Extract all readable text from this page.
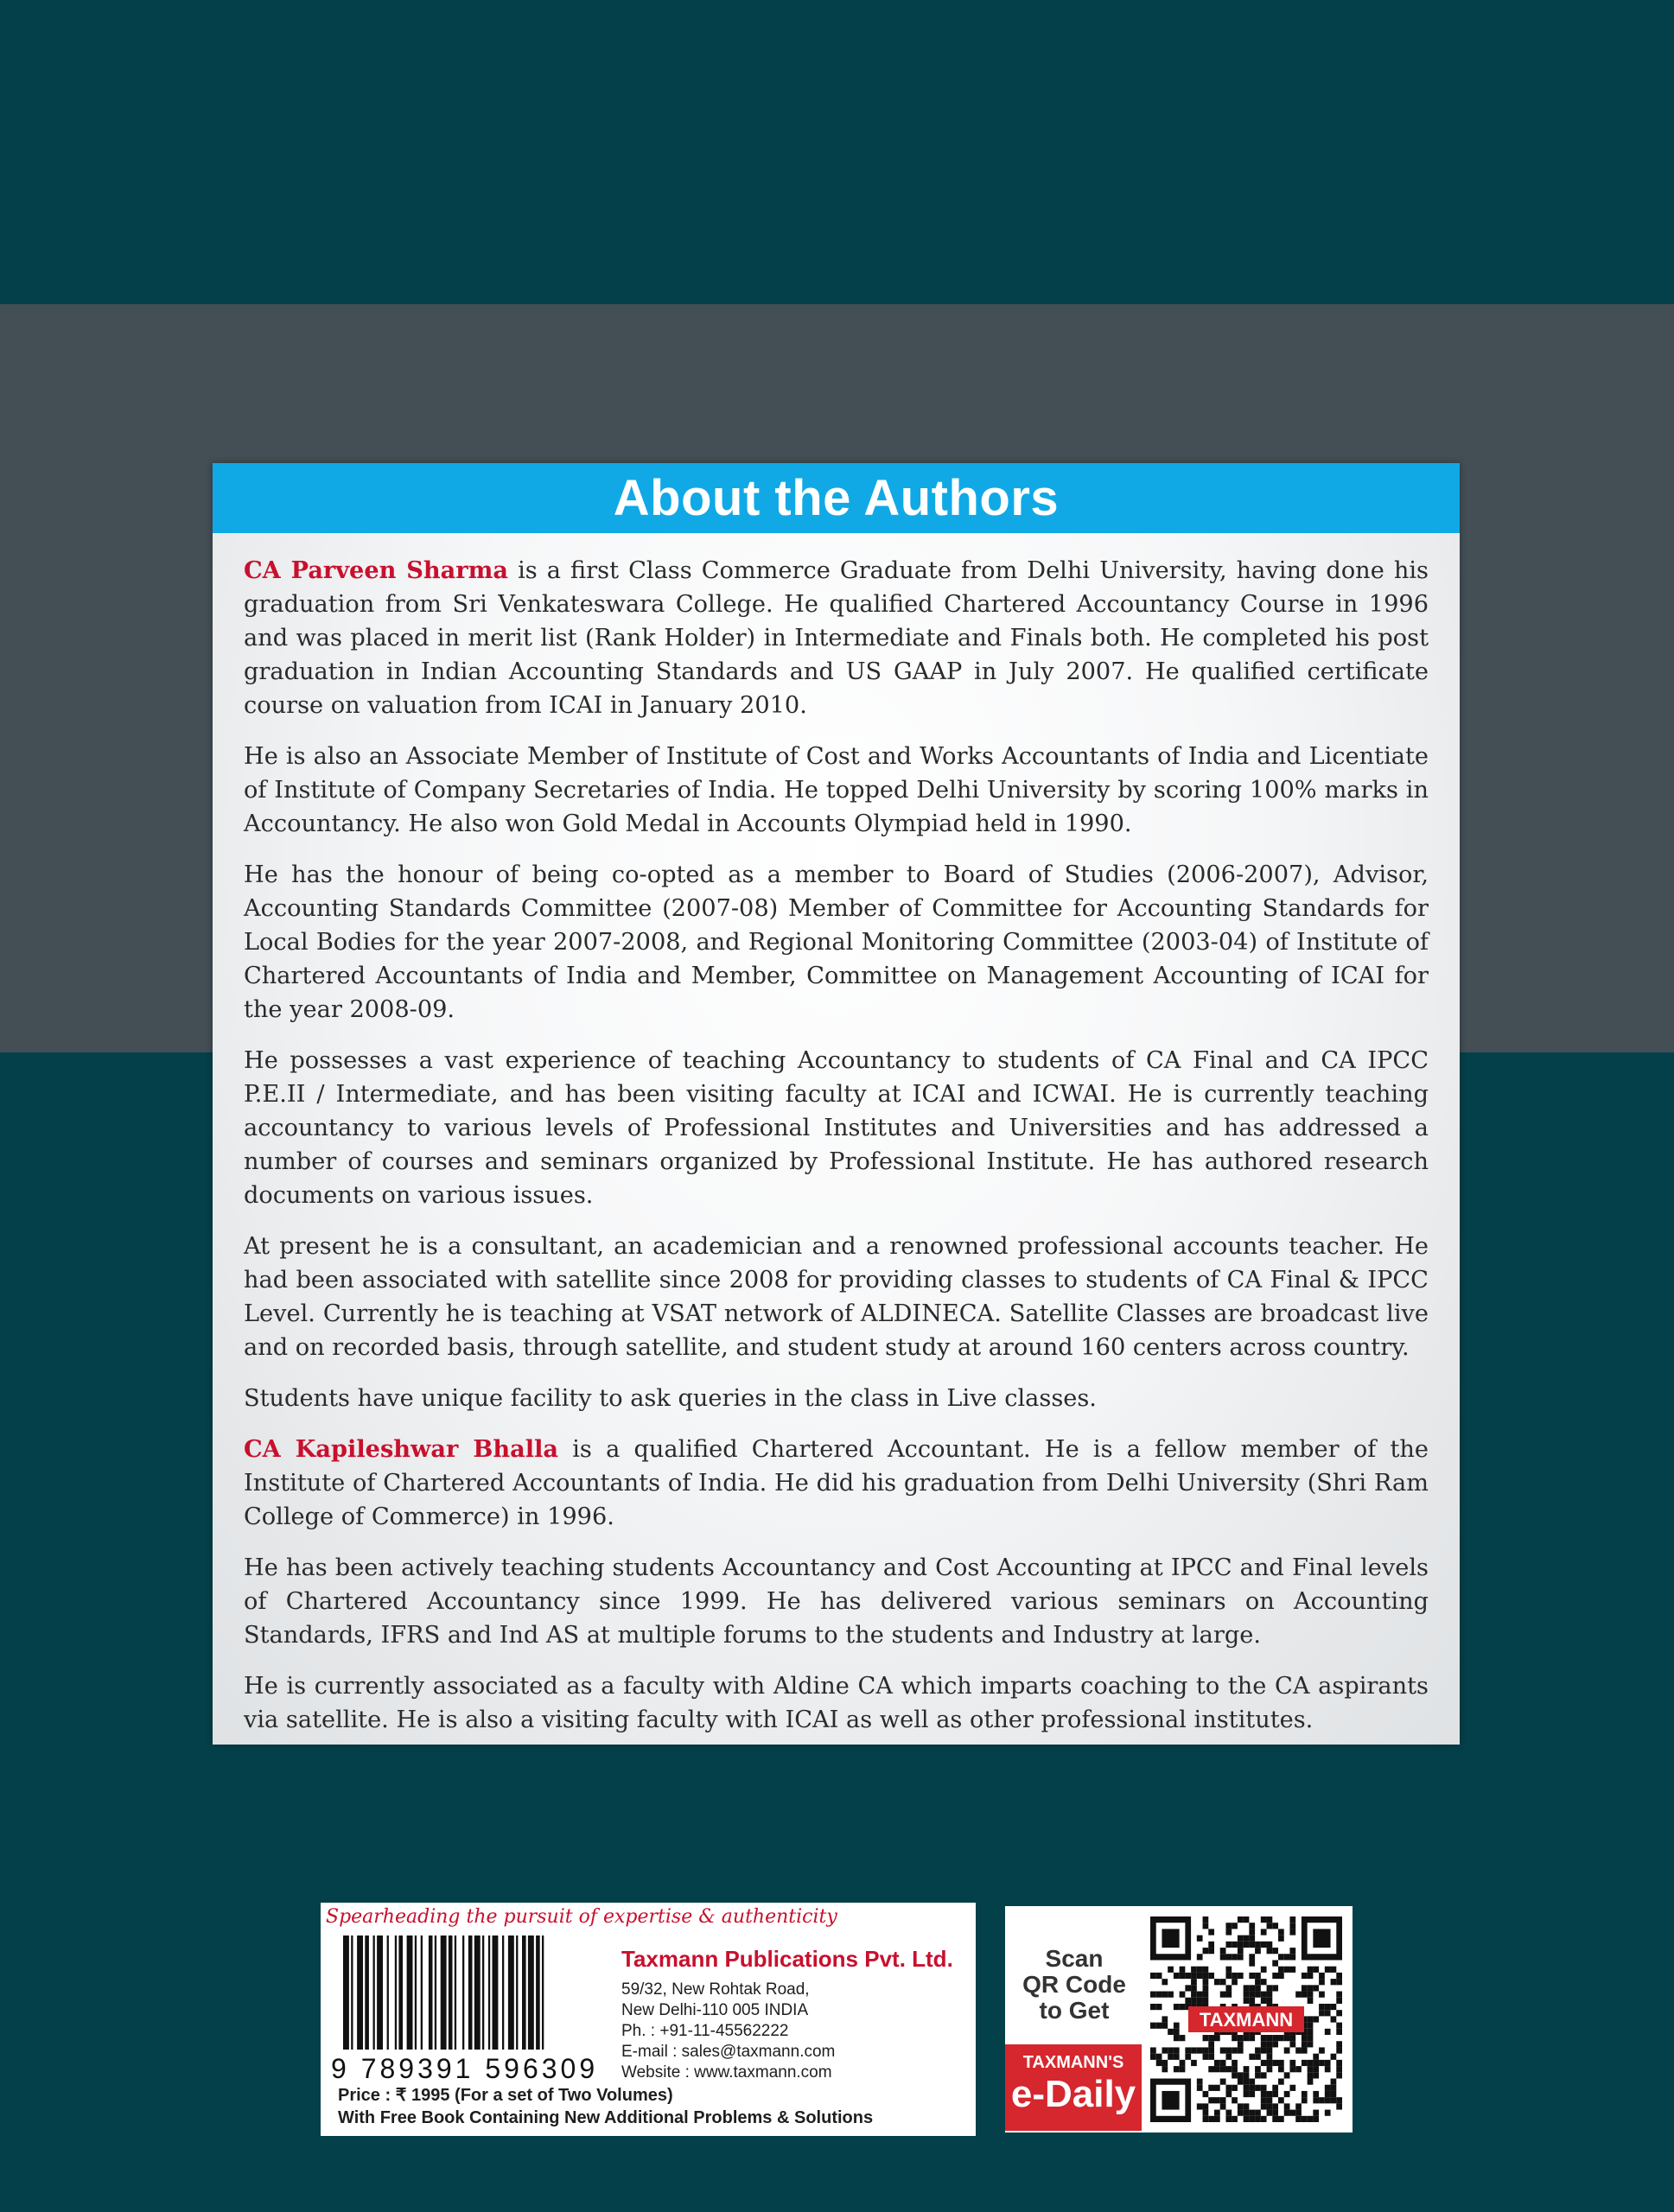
About the Authors

CA Parveen Sharma is a first Class Commerce Graduate from Delhi University, having done his graduation from Sri Venkateswara College. He qualified Chartered Accountancy Course in 1996 and was placed in merit list (Rank Holder) in Intermediate and Finals both. He completed his post graduation in Indian Accounting Standards and US GAAP in July 2007. He qualified certificate course on valuation from ICAI in January 2010.

He is also an Associate Member of Institute of Cost and Works Accountants of India and Licentiate of Institute of Company Secretaries of India. He topped Delhi University by scoring 100% marks in Accountancy. He also won Gold Medal in Accounts Olympiad held in 1990.

He has the honour of being co-opted as a member to Board of Studies (2006-2007), Advisor, Accounting Standards Committee (2007-08) Member of Committee for Accounting Standards for Local Bodies for the year 2007-2008, and Regional Monitoring Committee (2003-04) of Institute of Chartered Accountants of India and Member, Committee on Management Accounting of ICAI for the year 2008-09.

He possesses a vast experience of teaching Accountancy to students of CA Final and CA IPCC P.E.II / Intermediate, and has been visiting faculty at ICAI and ICWAI. He is currently teaching accountancy to various levels of Professional Institutes and Universities and has addressed a number of courses and seminars organized by Professional Institute. He has authored research documents on various issues.

At present he is a consultant, an academician and a renowned professional accounts teacher. He had been associated with satellite since 2008 for providing classes to students of CA Final & IPCC Level. Currently he is teaching at VSAT network of ALDINECA. Satellite Classes are broadcast live and on recorded basis, through satellite, and student study at around 160 centers across country.

Students have unique facility to ask queries in the class in Live classes.

CA Kapileshwar Bhalla is a qualified Chartered Accountant. He is a fellow member of the Institute of Chartered Accountants of India. He did his graduation from Delhi University (Shri Ram College of Commerce) in 1996.

He has been actively teaching students Accountancy and Cost Accounting at IPCC and Final levels of Chartered Accountancy since 1999. He has delivered various seminars on Accounting Standards, IFRS and Ind AS at multiple forums to the students and Industry at large.

He is currently associated as a faculty with Aldine CA which imparts coaching to the CA aspirants via satellite. He is also a visiting faculty with ICAI as well as other professional institutes.

Spearheading the pursuit of expertise & authenticity
9 789391 596309
Taxmann Publications Pvt. Ltd.
59/32, New Rohtak Road,
New Delhi-110 005 INDIA
Ph. : +91-11-45562222
E-mail : sales@taxmann.com
Website : www.taxmann.com
Price : ₹ 1995 (For a set of Two Volumes)
With Free Book Containing New Additional Problems & Solutions
Scan
QR Code
to Get
TAXMANN'S
e-Daily
TAXMANN
